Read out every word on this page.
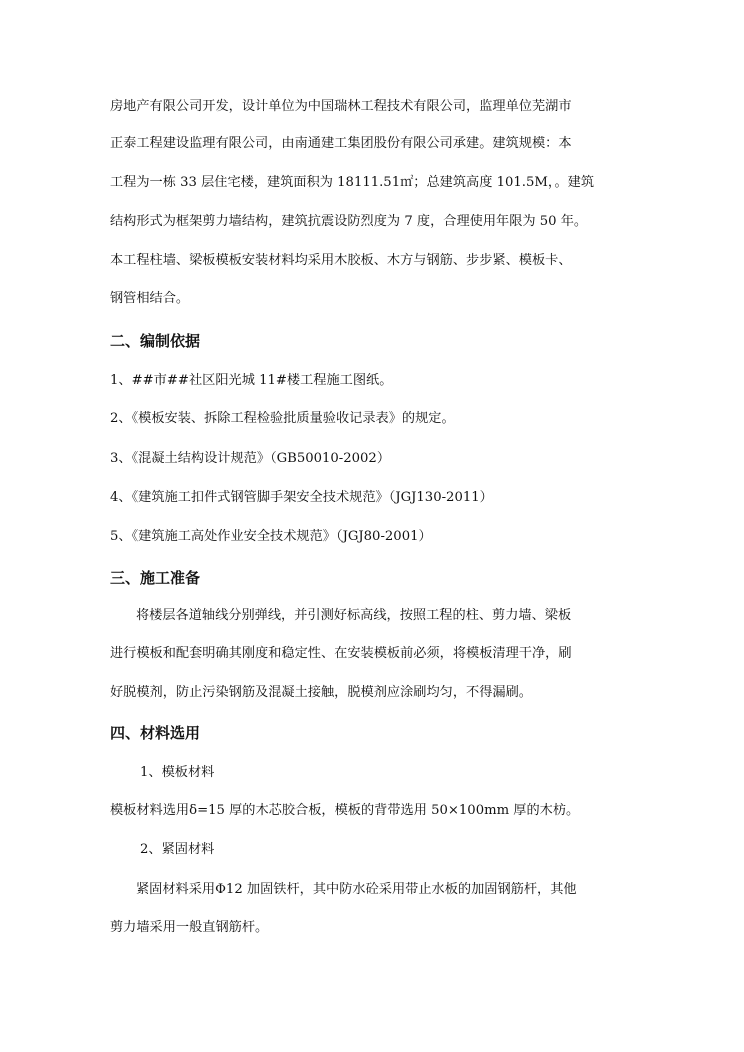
房地产有限公司开发，设计单位为中国瑞林工程技术有限公司，监理单位芜湖市
正泰工程建设监理有限公司，由南通建工集团股份有限公司承建。建筑规模：本
工程为一栋 33 层住宅楼，建筑面积为 18111.51㎡；总建筑高度 101.5M，。建筑
结构形式为框架剪力墙结构，建筑抗震设防烈度为 7 度，合理使用年限为 50 年。
本工程柱墙、梁板模板安装材料均采用木胶板、木方与钢筋、步步紧、模板卡、
钢管相结合。
二、编制依据
1、##市##社区阳光城 11#楼工程施工图纸。
2、《模板安装、拆除工程检验批质量验收记录表》的规定。
3、《混凝土结构设计规范》（GB50010-2002）
4、《建筑施工扣件式钢管脚手架安全技术规范》（JGJ130-2011）
5、《建筑施工高处作业安全技术规范》（JGJ80-2001）
三、施工准备
将楼层各道轴线分别弹线，并引测好标高线，按照工程的柱、剪力墙、梁板
进行模板和配套明确其刚度和稳定性、在安装模板前必须，将模板清理干净，刷
好脱模剂，防止污染钢筋及混凝土接触，脱模剂应涂刷均匀，不得漏刷。
四、材料选用
1、模板材料
模板材料选用δ=15 厚的木芯胶合板，模板的背带选用 50×100mm 厚的木枋。
2、紧固材料
紧固材料采用Φ12 加固铁杆，其中防水砼采用带止水板的加固钢筋杆，其他
剪力墙采用一般直钢筋杆。
